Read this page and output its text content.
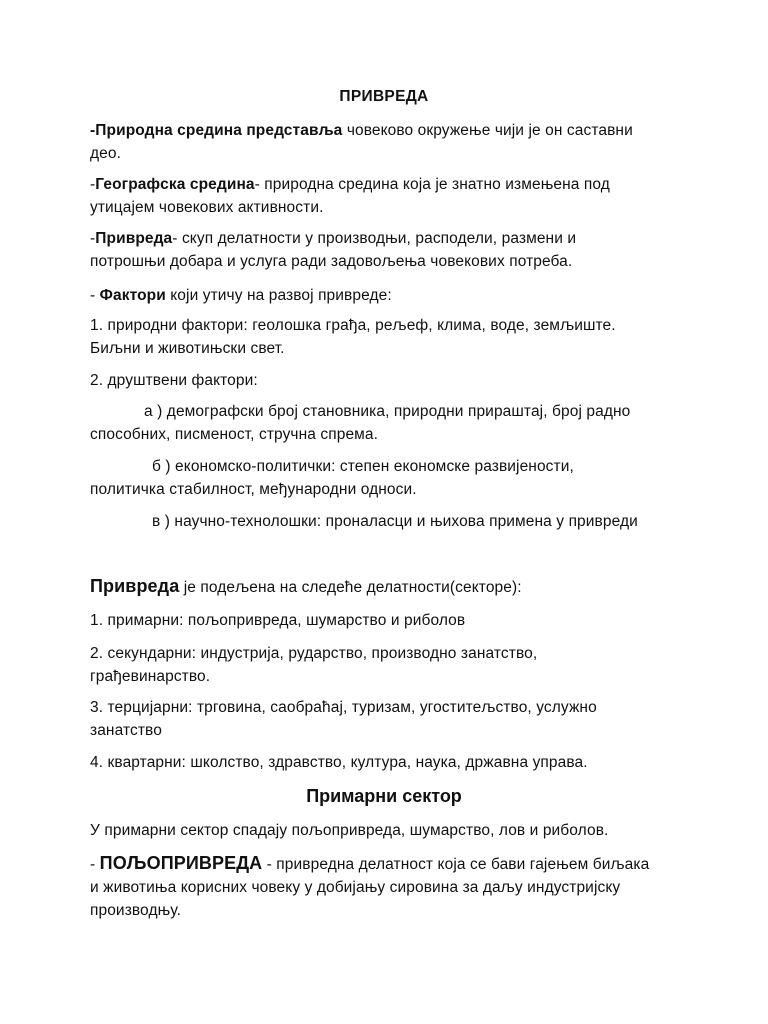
ПРИВРЕДА
-Природна средина представља човеково окружење чији је он саставни
део.
-Географска средина- природна средина која је знатно измењена под
утицајем човекових активности.
-Привреда- скуп делатности у производњи, расподели, размени и
потрошњи добара и услуга ради задовољења човекових потреба.
- Фактори који утичу на развој привреде:
1. природни фактори: геолошка грађа, рељеф, клима, воде, земљиште.
Биљни и животињски свет.
2. друштвени фактори:
а ) демографски број становника, природни прираштај, број радно
способних, писменост, стручна спрема.
б ) економско-политички: степен економске развијености,
политичка стабилност, међународни односи.
в ) научно-технолошки: проналасци и њихова примена у привреди
Привреда је подељена на следеће делатности(секторе):
1. примарни: пољопривреда, шумарство и риболов
2. секундарни: индустрија, рударство, производно занатство,
грађевинарство.
3. терцијарни: трговина, саобраћај, туризам, угоститељство, услужно
занатство
4. квартарни: школство, здравство, култура, наука, државна управа.
Примарни сектор
У примарни сектор спадају пољопривреда, шумарство, лов и риболов.
- ПОЉОПРИВРЕДА - привредна делатност која се бави гајењем биљака
и животиња корисних човеку у добијању сировина за даљу индустријску
производњу.
